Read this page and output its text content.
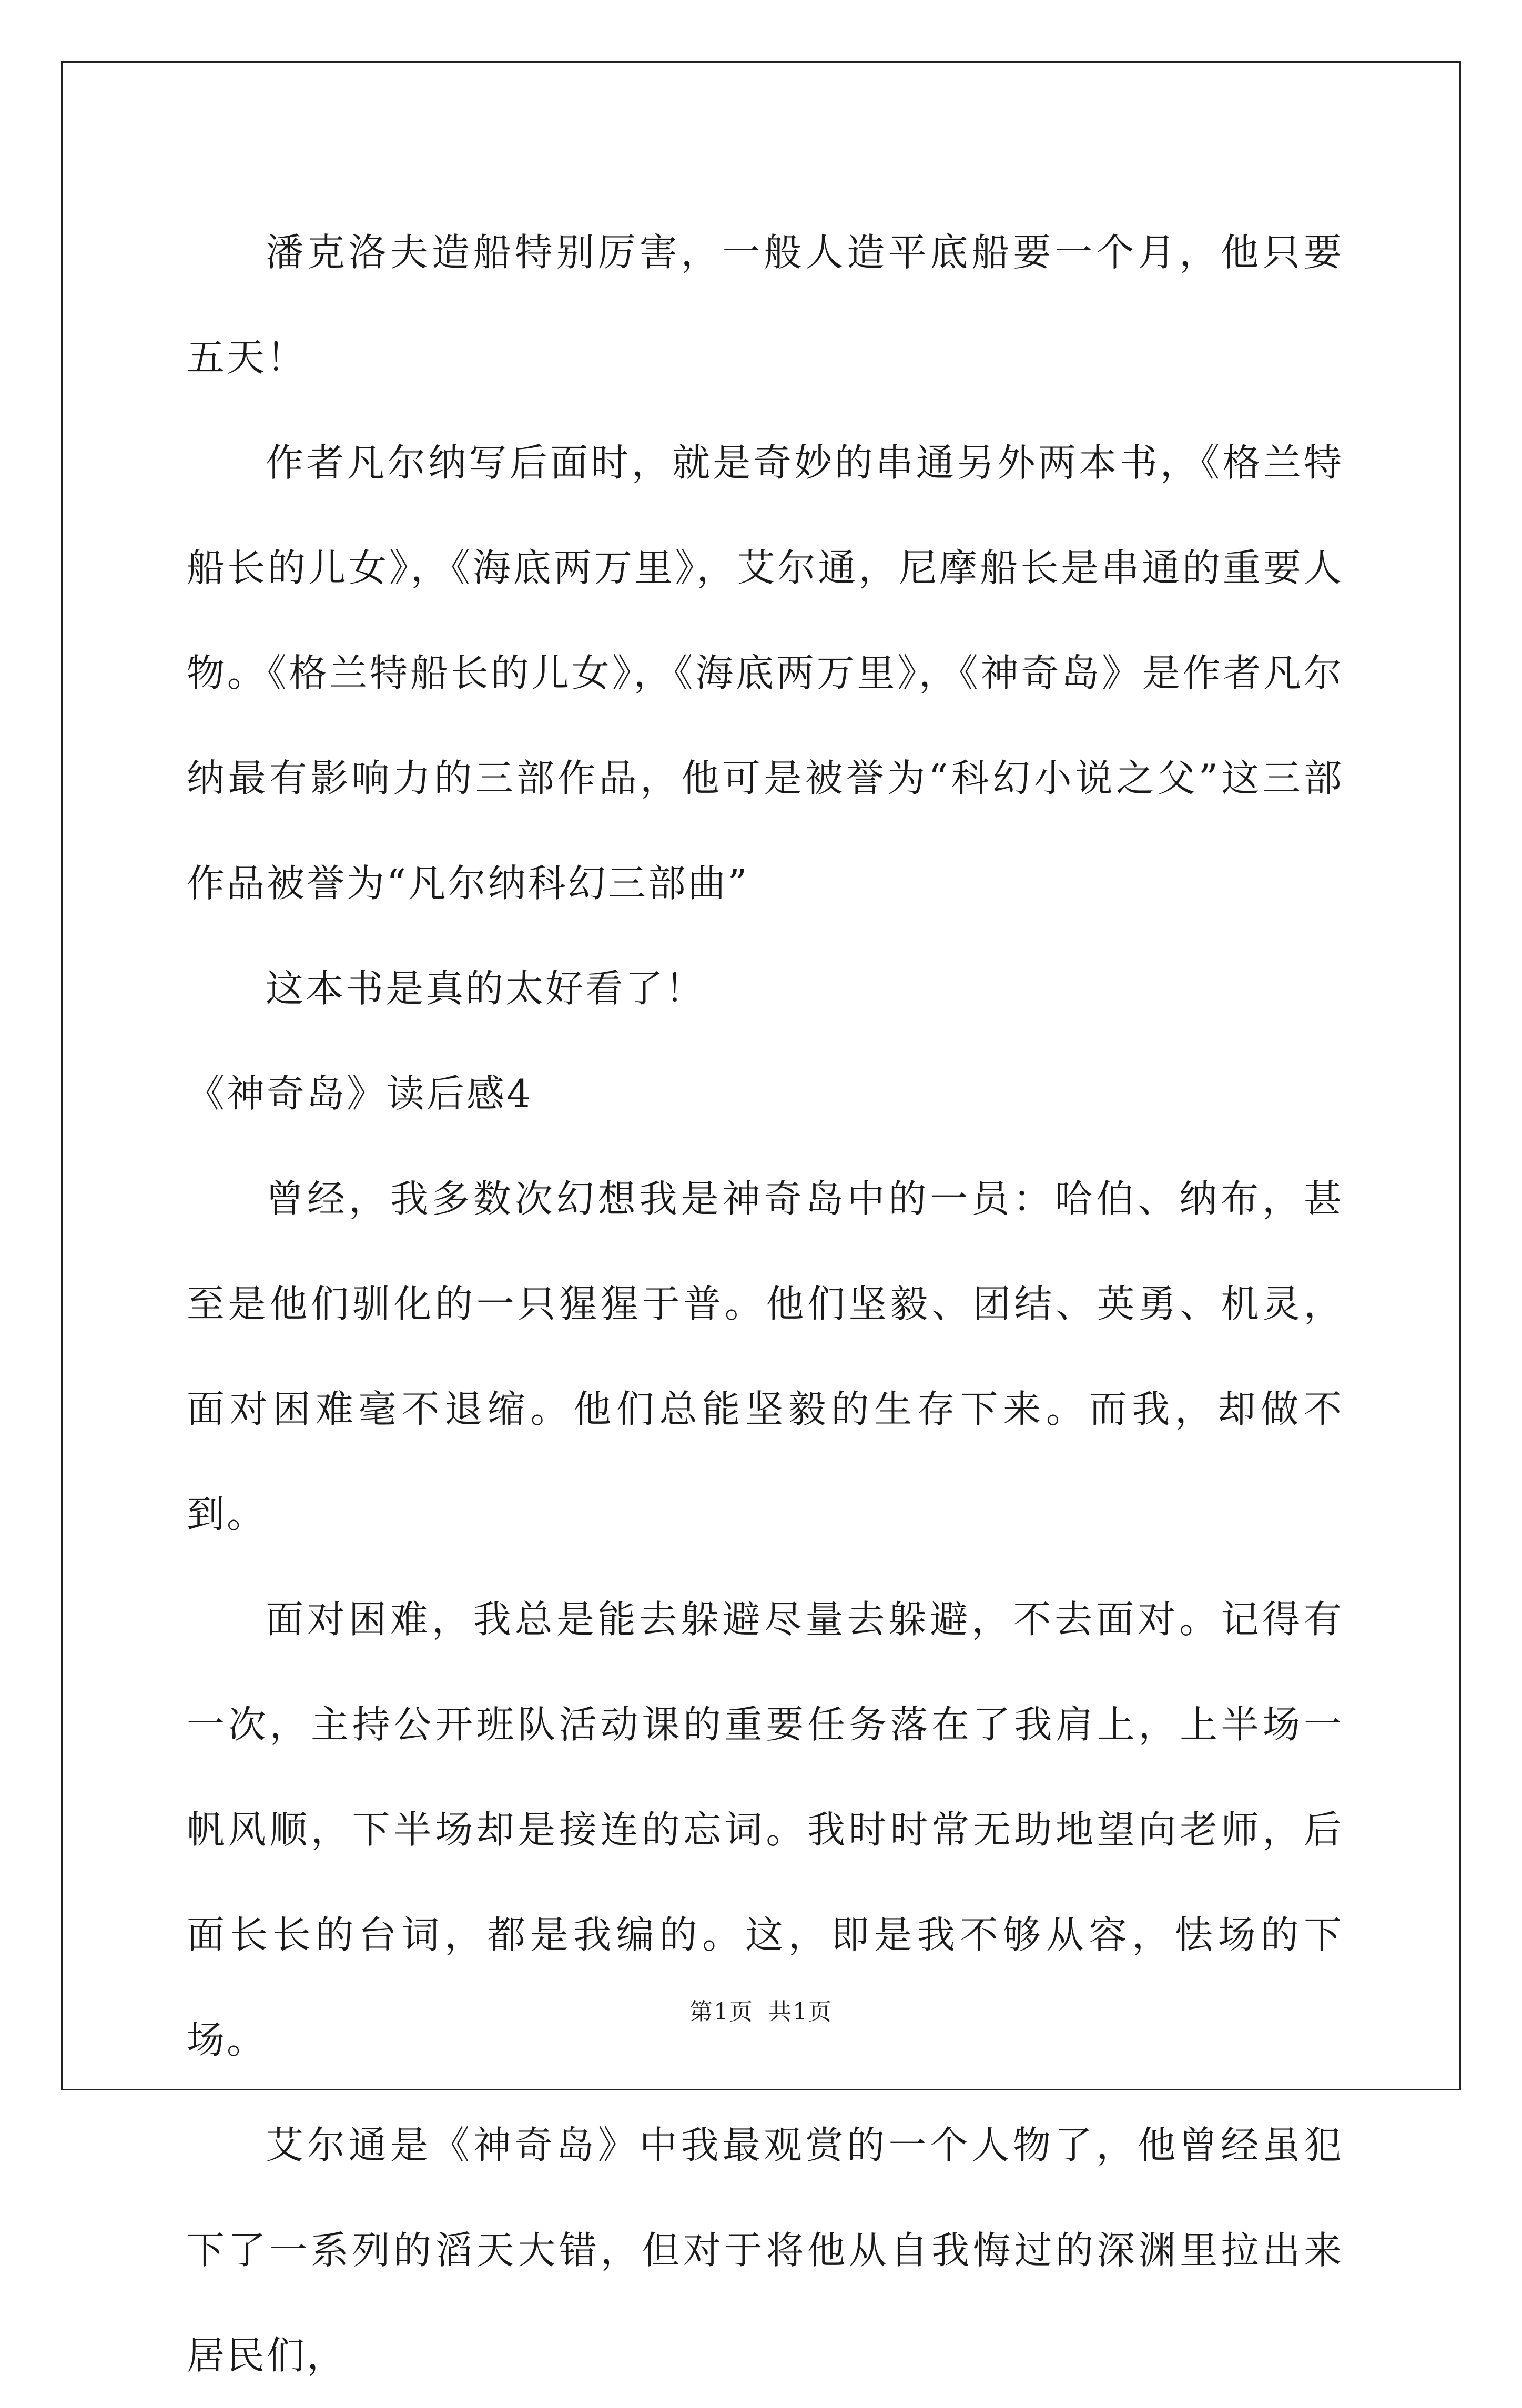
潘克洛夫造船特别厉害，一般人造平底船要一个月，他只要五天！

作者凡尔纳写后面时，就是奇妙的串通另外两本书，《格兰特船长的儿女》，《海底两万里》，艾尔通，尼摩船长是串通的重要人物。《格兰特船长的儿女》，《海底两万里》，《神奇岛》是作者凡尔纳最有影响力的三部作品，他可是被誉为“科幻小说之父”这三部作品被誉为“凡尔纳科幻三部曲”

这本书是真的太好看了！

《神奇岛》读后感4

曾经，我多数次幻想我是神奇岛中的一员：哈伯、纳布，甚至是他们驯化的一只猩猩于普。他们坚毅、团结、英勇、机灵，面对困难毫不退缩。他们总能坚毅的生存下来。而我，却做不到。

面对困难，我总是能去躲避尽量去躲避，不去面对。记得有一次，主持公开班队活动课的重要任务落在了我肩上，上半场一帆风顺，下半场却是接连的忘词。我时时常无助地望向老师，后面长长的台词，都是我编的。这，即是我不够从容，怯场的下场。

艾尔通是《神奇岛》中我最观赏的一个人物了，他曾经虽犯下了一系列的滔天大错，但对于将他从自我悔过的深渊里拉出来居民们，

第1页 共1页
